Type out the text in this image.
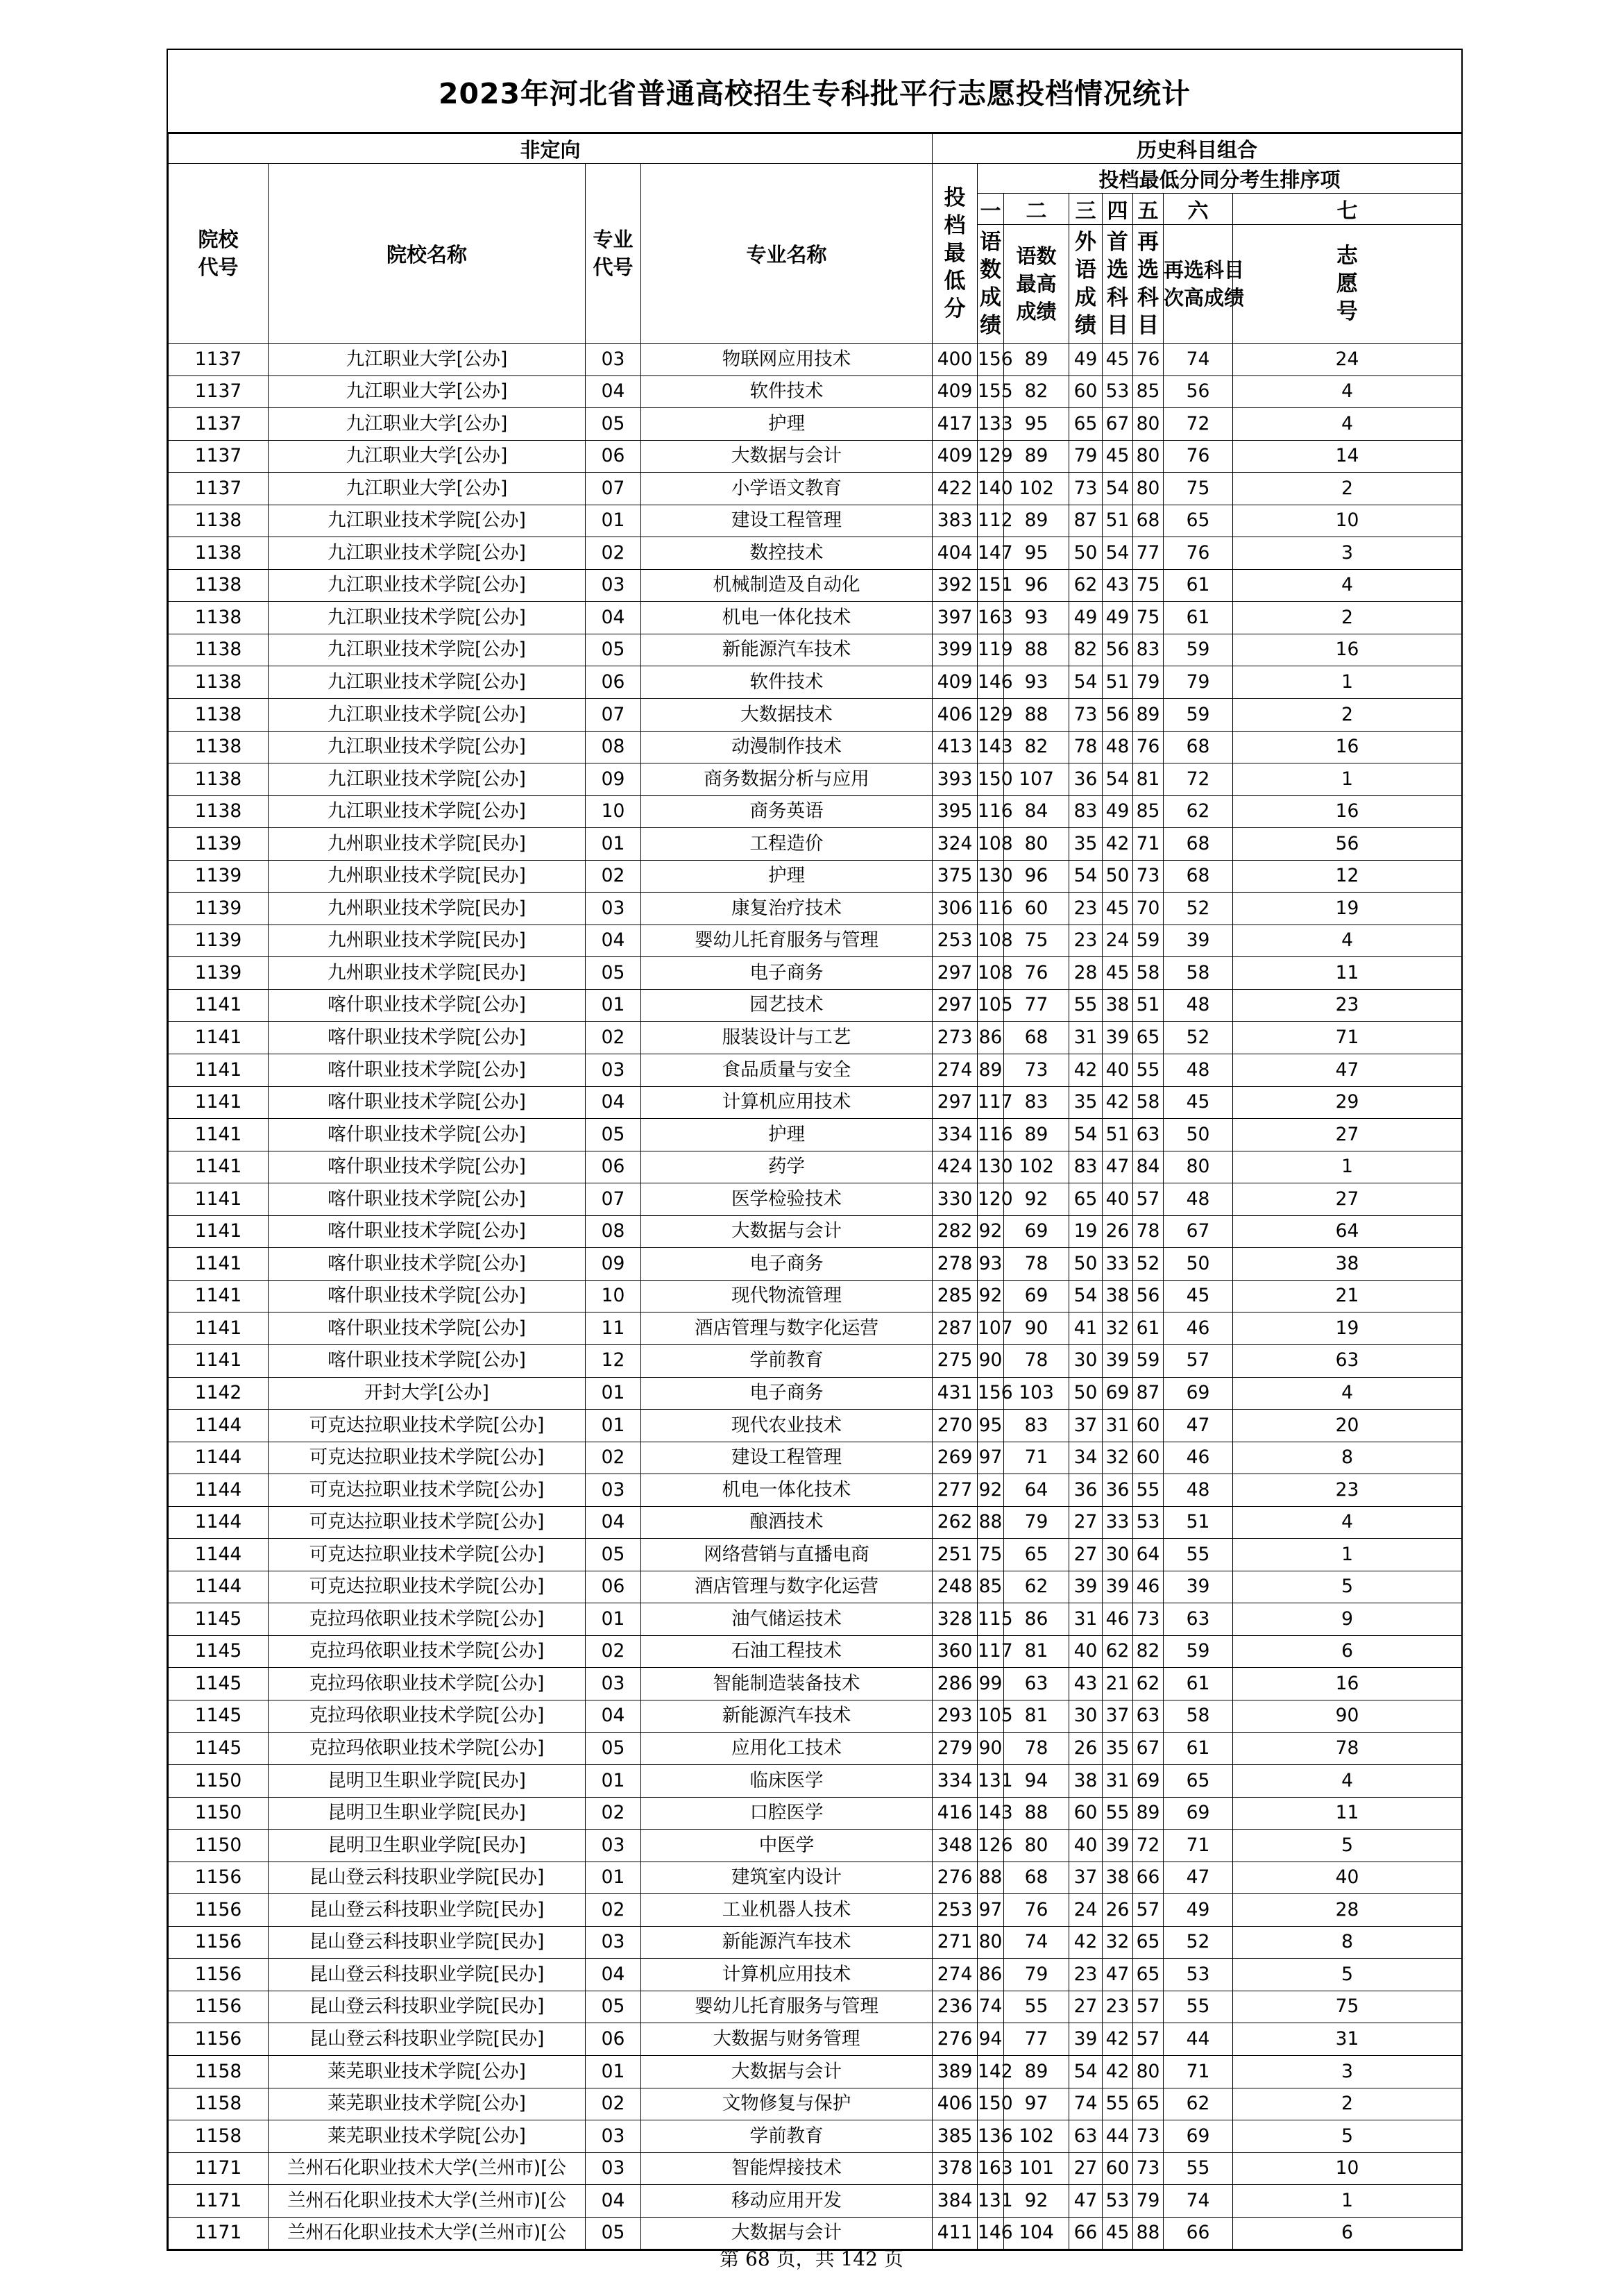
2023年河北省普通高校招生专科批平行志愿投档情况统计
非定向				历史科目组合							

院校代号	院校名称	专业代号	专业名称	投档最低分	投档最低分同分考生排序项						
					一	二	三	四	五	六	七

					语数成绩	语数最高成绩	外语成绩	首选科目	再选科目	再选科目次高成绩	志愿号

1137	九江职业大学[公办]	03	物联网应用技术	400	156	89	49	45	76	74	24
1137	九江职业大学[公办]	04	软件技术	409	155	82	60	53	85	56	4
1137	九江职业大学[公办]	05	护理	417	133	95	65	67	80	72	4
1137	九江职业大学[公办]	06	大数据与会计	409	129	89	79	45	80	76	14
1137	九江职业大学[公办]	07	小学语文教育	422	140	102	73	54	80	75	2
1138	九江职业技术学院[公办]	01	建设工程管理	383	112	89	87	51	68	65	10
1138	九江职业技术学院[公办]	02	数控技术	404	147	95	50	54	77	76	3
1138	九江职业技术学院[公办]	03	机械制造及自动化	392	151	96	62	43	75	61	4
1138	九江职业技术学院[公办]	04	机电一体化技术	397	163	93	49	49	75	61	2
1138	九江职业技术学院[公办]	05	新能源汽车技术	399	119	88	82	56	83	59	16
1138	九江职业技术学院[公办]	06	软件技术	409	146	93	54	51	79	79	1
1138	九江职业技术学院[公办]	07	大数据技术	406	129	88	73	56	89	59	2
1138	九江职业技术学院[公办]	08	动漫制作技术	413	143	82	78	48	76	68	16
1138	九江职业技术学院[公办]	09	商务数据分析与应用	393	150	107	36	54	81	72	1
1138	九江职业技术学院[公办]	10	商务英语	395	116	84	83	49	85	62	16
1139	九州职业技术学院[民办]	01	工程造价	324	108	80	35	42	71	68	56
1139	九州职业技术学院[民办]	02	护理	375	130	96	54	50	73	68	12
1139	九州职业技术学院[民办]	03	康复治疗技术	306	116	60	23	45	70	52	19
1139	九州职业技术学院[民办]	04	婴幼儿托育服务与管理	253	108	75	23	24	59	39	4
1139	九州职业技术学院[民办]	05	电子商务	297	108	76	28	45	58	58	11
1141	喀什职业技术学院[公办]	01	园艺技术	297	105	77	55	38	51	48	23
1141	喀什职业技术学院[公办]	02	服装设计与工艺	273	86	68	31	39	65	52	71
1141	喀什职业技术学院[公办]	03	食品质量与安全	274	89	73	42	40	55	48	47
1141	喀什职业技术学院[公办]	04	计算机应用技术	297	117	83	35	42	58	45	29
1141	喀什职业技术学院[公办]	05	护理	334	116	89	54	51	63	50	27
1141	喀什职业技术学院[公办]	06	药学	424	130	102	83	47	84	80	1
1141	喀什职业技术学院[公办]	07	医学检验技术	330	120	92	65	40	57	48	27
1141	喀什职业技术学院[公办]	08	大数据与会计	282	92	69	19	26	78	67	64
1141	喀什职业技术学院[公办]	09	电子商务	278	93	78	50	33	52	50	38
1141	喀什职业技术学院[公办]	10	现代物流管理	285	92	69	54	38	56	45	21
1141	喀什职业技术学院[公办]	11	酒店管理与数字化运营	287	107	90	41	32	61	46	19
1141	喀什职业技术学院[公办]	12	学前教育	275	90	78	30	39	59	57	63
1142	开封大学[公办]	01	电子商务	431	156	103	50	69	87	69	4
1144	可克达拉职业技术学院[公办]	01	现代农业技术	270	95	83	37	31	60	47	20
1144	可克达拉职业技术学院[公办]	02	建设工程管理	269	97	71	34	32	60	46	8
1144	可克达拉职业技术学院[公办]	03	机电一体化技术	277	92	64	36	36	55	48	23
1144	可克达拉职业技术学院[公办]	04	酿酒技术	262	88	79	27	33	53	51	4
1144	可克达拉职业技术学院[公办]	05	网络营销与直播电商	251	75	65	27	30	64	55	1
1144	可克达拉职业技术学院[公办]	06	酒店管理与数字化运营	248	85	62	39	39	46	39	5
1145	克拉玛依职业技术学院[公办]	01	油气储运技术	328	115	86	31	46	73	63	9
1145	克拉玛依职业技术学院[公办]	02	石油工程技术	360	117	81	40	62	82	59	6
1145	克拉玛依职业技术学院[公办]	03	智能制造装备技术	286	99	63	43	21	62	61	16
1145	克拉玛依职业技术学院[公办]	04	新能源汽车技术	293	105	81	30	37	63	58	90
1145	克拉玛依职业技术学院[公办]	05	应用化工技术	279	90	78	26	35	67	61	78
1150	昆明卫生职业学院[民办]	01	临床医学	334	131	94	38	31	69	65	4
1150	昆明卫生职业学院[民办]	02	口腔医学	416	143	88	60	55	89	69	11
1150	昆明卫生职业学院[民办]	03	中医学	348	126	80	40	39	72	71	5
1156	昆山登云科技职业学院[民办]	01	建筑室内设计	276	88	68	37	38	66	47	40
1156	昆山登云科技职业学院[民办]	02	工业机器人技术	253	97	76	24	26	57	49	28
1156	昆山登云科技职业学院[民办]	03	新能源汽车技术	271	80	74	42	32	65	52	8
1156	昆山登云科技职业学院[民办]	04	计算机应用技术	274	86	79	23	47	65	53	5
1156	昆山登云科技职业学院[民办]	05	婴幼儿托育服务与管理	236	74	55	27	23	57	55	75
1156	昆山登云科技职业学院[民办]	06	大数据与财务管理	276	94	77	39	42	57	44	31
1158	莱芜职业技术学院[公办]	01	大数据与会计	389	142	89	54	42	80	71	3
1158	莱芜职业技术学院[公办]	02	文物修复与保护	406	150	97	74	55	65	62	2
1158	莱芜职业技术学院[公办]	03	学前教育	385	136	102	63	44	73	69	5
1171	兰州石化职业技术大学(兰州市)[公	03	智能焊接技术	378	163	101	27	60	73	55	10
1171	兰州石化职业技术大学(兰州市)[公	04	移动应用开发	384	131	92	47	53	79	74	1
1171	兰州石化职业技术大学(兰州市)[公	05	大数据与会计	411	146	104	66	45	88	66	6
第 68 页，共 142 页
